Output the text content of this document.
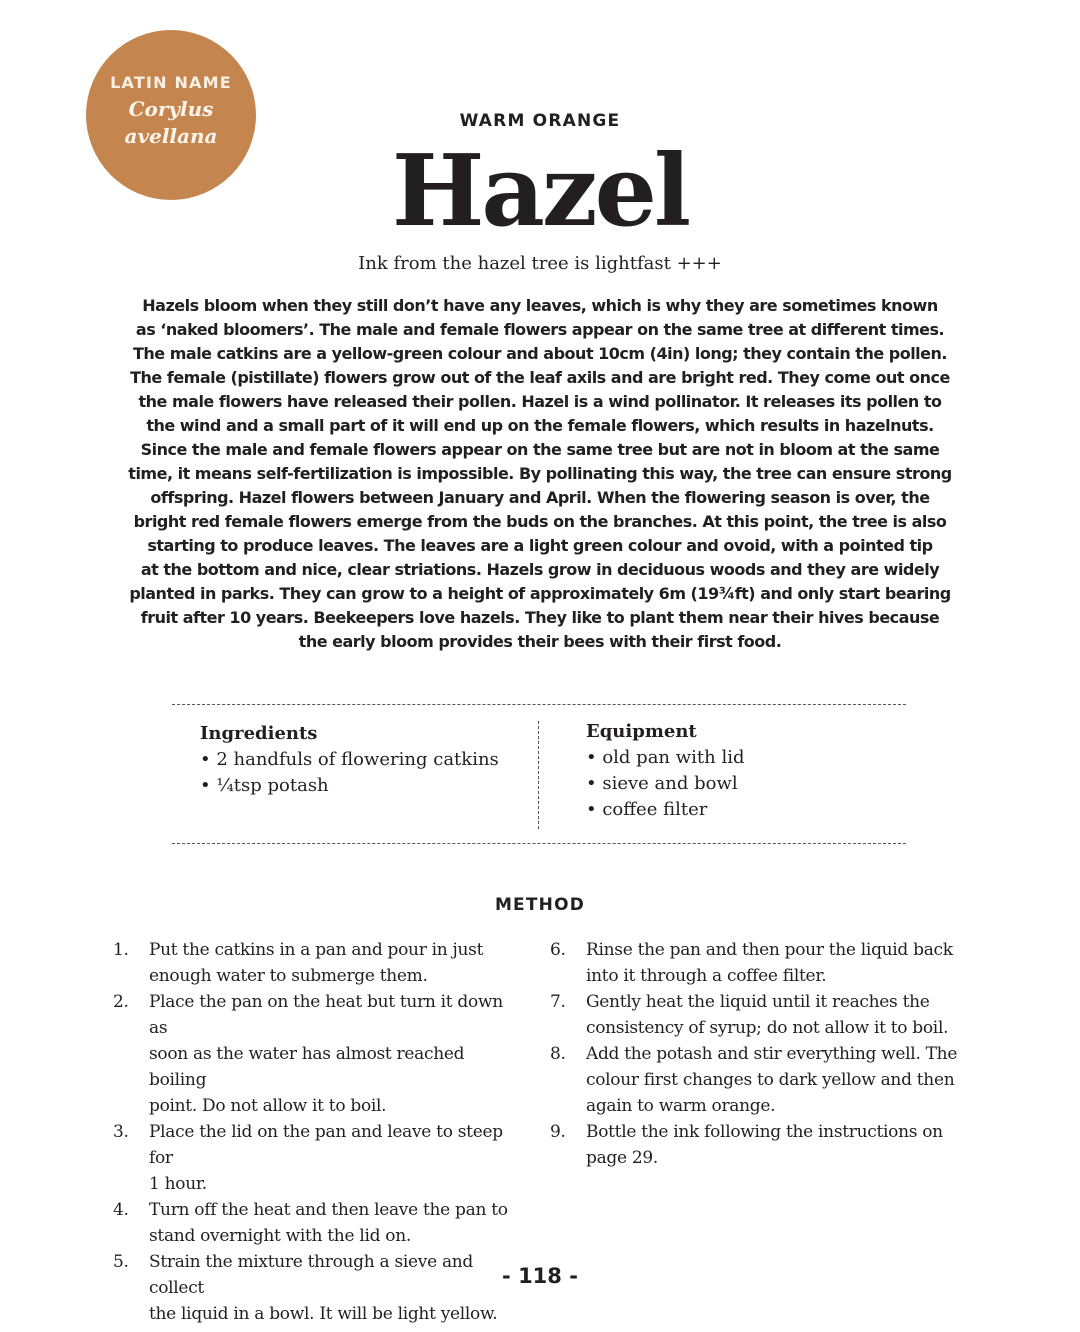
LATIN NAME
Corylus
avellana
WARM ORANGE
Hazel
Ink from the hazel tree is lightfast +++
Hazels bloom when they still don’t have any leaves, which is why they are sometimes known
as ‘naked bloomers’. The male and female flowers appear on the same tree at different times.
The male catkins are a yellow-green colour and about 10cm (4in) long; they contain the pollen.
The female (pistillate) flowers grow out of the leaf axils and are bright red. They come out once
the male flowers have released their pollen. Hazel is a wind pollinator. It releases its pollen to
the wind and a small part of it will end up on the female flowers, which results in hazelnuts.
Since the male and female flowers appear on the same tree but are not in bloom at the same
time, it means self-fertilization is impossible. By pollinating this way, the tree can ensure strong
offspring. Hazel flowers between January and April. When the flowering season is over, the
bright red female flowers emerge from the buds on the branches. At this point, the tree is also
starting to produce leaves. The leaves are a light green colour and ovoid, with a pointed tip
at the bottom and nice, clear striations. Hazels grow in deciduous woods and they are widely
planted in parks. They can grow to a height of approximately 6m (19¾ft) and only start bearing
fruit after 10 years. Beekeepers love hazels. They like to plant them near their hives because
the early bloom provides their bees with their first food.
Ingredients
• 2 handfuls of flowering catkins
• ¼tsp potash
Equipment
• old pan with lid
• sieve and bowl
• coffee filter
METHOD
1. Put the catkins in a pan and pour in just
enough water to submerge them.
2. Place the pan on the heat but turn it down as
soon as the water has almost reached boiling
point. Do not allow it to boil.
3. Place the lid on the pan and leave to steep for
1 hour.
4. Turn off the heat and then leave the pan to
stand overnight with the lid on.
5. Strain the mixture through a sieve and collect
the liquid in a bowl. It will be light yellow.
6. Rinse the pan and then pour the liquid back
into it through a coffee filter.
7. Gently heat the liquid until it reaches the
consistency of syrup; do not allow it to boil.
8. Add the potash and stir everything well. The
colour first changes to dark yellow and then
again to warm orange.
9. Bottle the ink following the instructions on
page 29.
- 118 -
